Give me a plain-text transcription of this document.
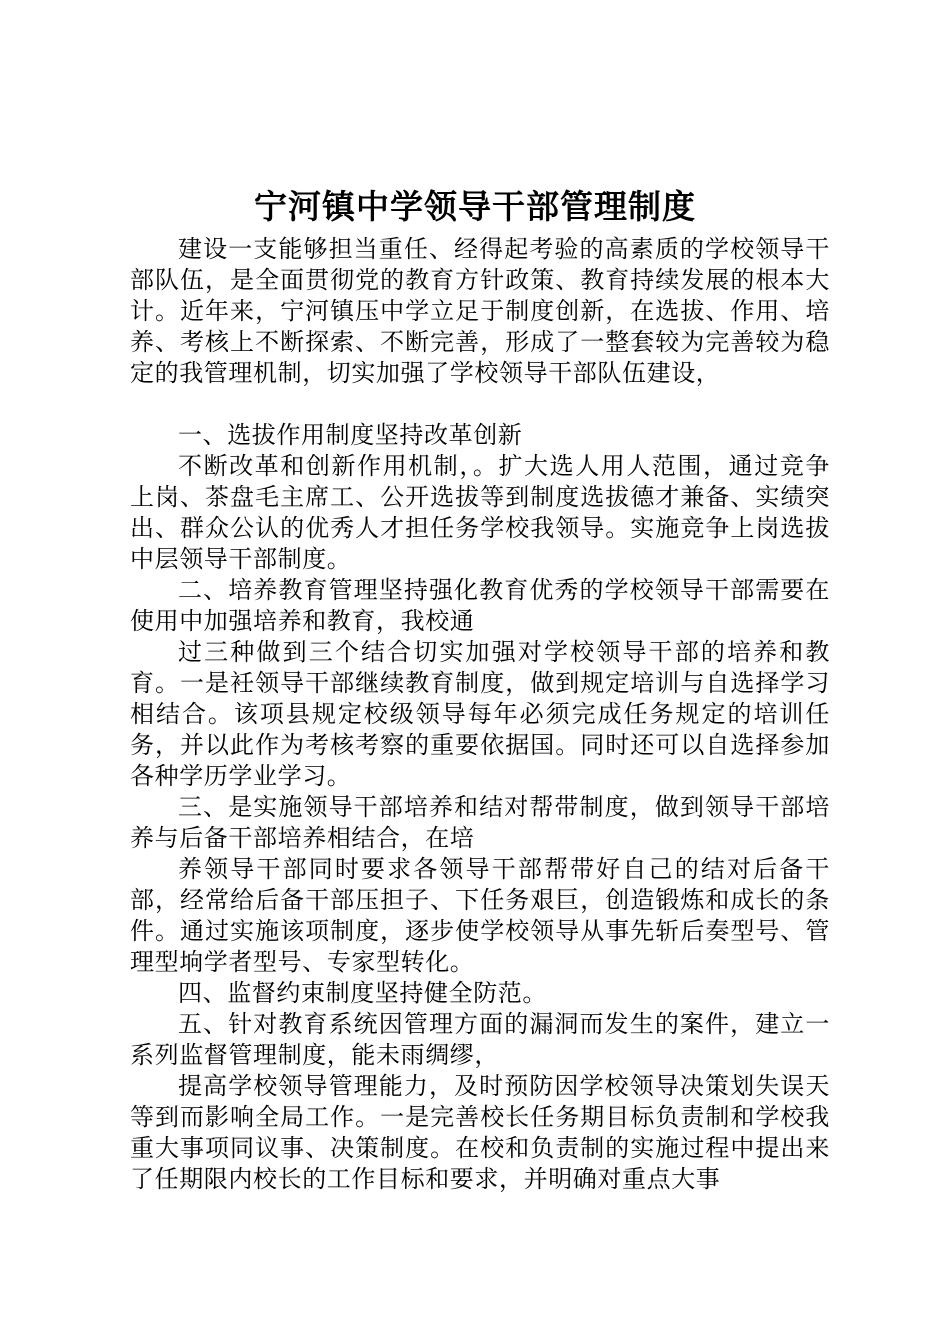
宁河镇中学领导干部管理制度

建设一支能够担当重任、经得起考验的高素质的学校领导干部队伍，是全面贯彻党的教育方针政策、教育持续发展的根本大计。近年来，宁河镇压中学立足于制度创新，在选拔、作用、培养、考核上不断探索、不断完善，形成了一整套较为完善较为稳定的我管理机制，切实加强了学校领导干部队伍建设，

一、选拔作用制度坚持改革创新

不断改革和创新作用机制，。扩大选人用人范围，通过竞争上岗、茶盘毛主席工、公开选拔等到制度选拔德才兼备、实绩突出、群众公认的优秀人才担任务学校我领导。实施竞争上岗选拔中层领导干部制度。

二、培养教育管理坚持强化教育优秀的学校领导干部需要在使用中加强培养和教育，我校通

过三种做到三个结合切实加强对学校领导干部的培养和教育。一是衽领导干部继续教育制度，做到规定培训与自选择学习相结合。该项县规定校级领导每年必须完成任务规定的培训任务，并以此作为考核考察的重要依据国。同时还可以自选择参加各种学历学业学习。

三、是实施领导干部培养和结对帮带制度，做到领导干部培养与后备干部培养相结合，在培

养领导干部同时要求各领导干部帮带好自己的结对后备干部，经常给后备干部压担子、下任务艰巨，创造锻炼和成长的条件。通过实施该项制度，逐步使学校领导从事先斩后奏型号、管理型垧学者型号、专家型转化。

四、监督约束制度坚持健全防范。

五、针对教育系统因管理方面的漏洞而发生的案件，建立一系列监督管理制度，能未雨绸缪，

提高学校领导管理能力，及时预防因学校领导决策划失误天等到而影响全局工作。一是完善校长任务期目标负责制和学校我重大事项同议事、决策制度。在校和负责制的实施过程中提出来了任期限内校长的工作目标和要求，并明确对重点大事
